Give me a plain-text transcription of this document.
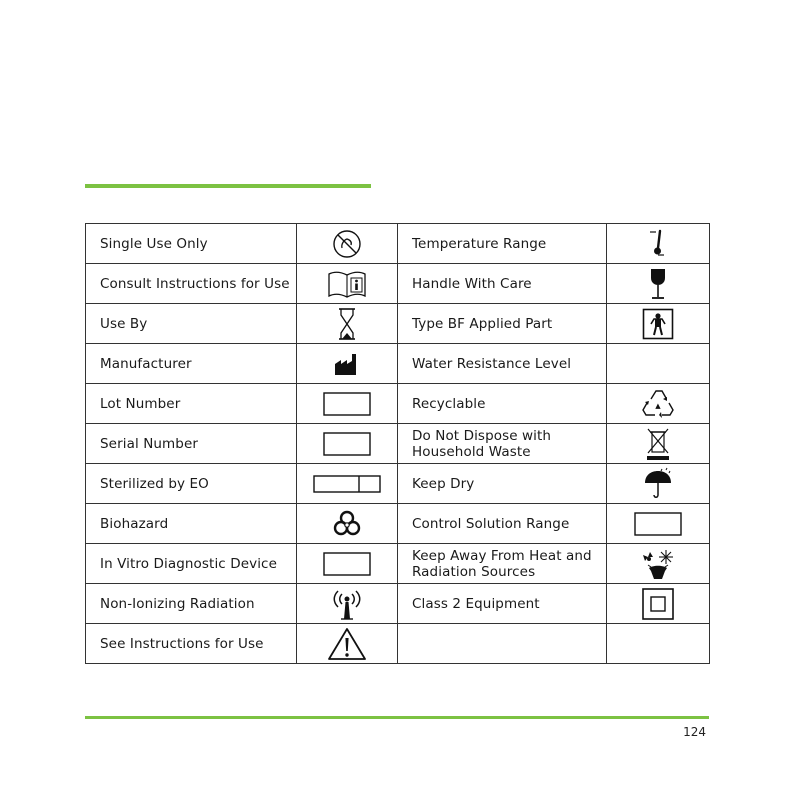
Single Use Only		Temperature Range	

Consult Instructions for Use		Handle With Care	

Use By		Type BF Applied Part	

Manufacturer		Water Resistance Level	
Lot Number		Recyclable	▲

Serial Number		Do Not Dispose with
Household Waste

Sterilized by EO		Keep Dry	

Biohazard		Control Solution Range	

In Vitro Diagnostic Device		Keep Away From Heat and
Radiation Sources

Non-Ionizing Radiation		Class 2 Equipment	

See Instructions for Use	

124
